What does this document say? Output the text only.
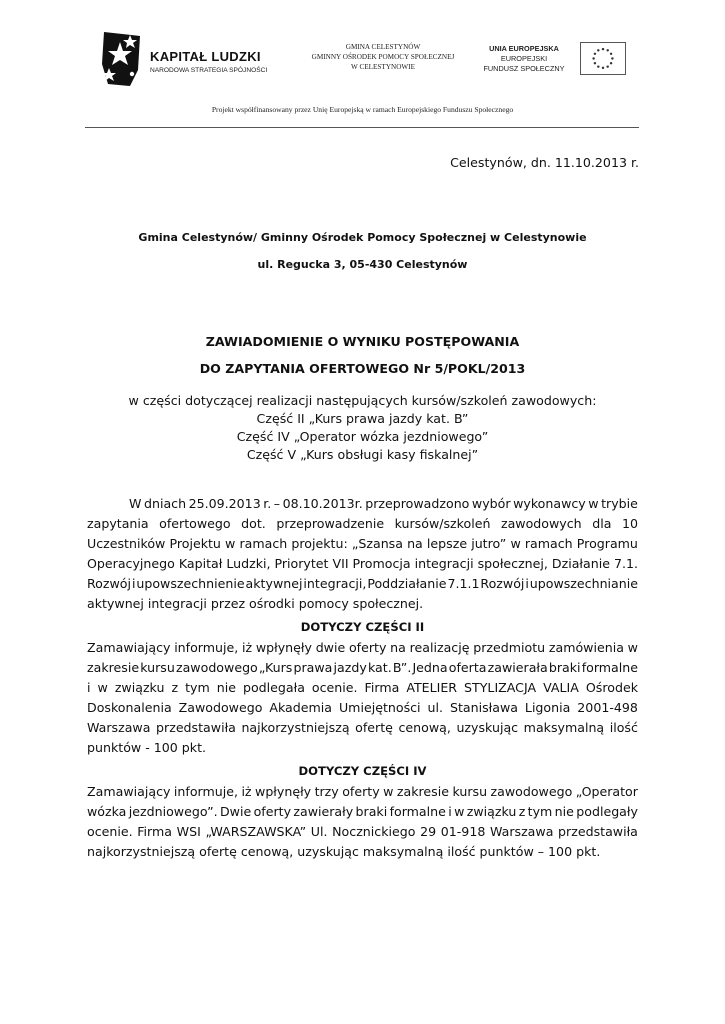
KAPITAŁ LUDZKI
NARODOWA STRATEGIA SPÓJNOŚCI
GMINA CELESTYNÓW
GMINNY OŚRODEK POMOCY SPOŁECZNEJ
W CELESTYNOWIE
UNIA EUROPEJSKA
EUROPEJSKI
FUNDUSZ SPOŁECZNY
Projekt współfinansowany przez Unię Europejską w ramach Europejskiego Funduszu Społecznego
Celestynów, dn. 11.10.2013 r.
Gmina Celestynów/ Gminny Ośrodek Pomocy Społecznej w Celestynowie
ul. Regucka 3, 05-430 Celestynów
ZAWIADOMIENIE O WYNIKU POSTĘPOWANIA
DO ZAPYTANIA OFERTOWEGO Nr 5/POKL/2013
w części dotyczącej realizacji następujących kursów/szkoleń zawodowych:
Część II „Kurs prawa jazdy kat. B”
Część IV „Operator wózka jezdniowego”
Część V „Kurs obsługi kasy fiskalnej”
W dniach 25.09.2013 r. – 08.10.2013r. przeprowadzono wybór wykonawcy w trybie
zapytania ofertowego dot. przeprowadzenie kursów/szkoleń zawodowych dla 10
Uczestników Projektu w ramach projektu: „Szansa na lepsze jutro” w ramach Programu
Operacyjnego Kapitał Ludzki, Priorytet VII Promocja integracji społecznej, Działanie 7.1.
Rozwój i upowszechnienie aktywnej integracji, Poddziałanie 7.1.1 Rozwój i upowszechnianie
aktywnej integracji przez ośrodki pomocy społecznej.
DOTYCZY CZĘŚCI II
Zamawiający informuje, iż wpłynęły dwie oferty na realizację przedmiotu zamówienia w
zakresie kursu zawodowego „Kurs prawa jazdy kat. B”. Jedna oferta zawierała braki formalne
i w związku z tym nie podlegała ocenie. Firma ATELIER STYLIZACJA VALIA Ośrodek
Doskonalenia Zawodowego Akademia Umiejętności ul. Stanisława Ligonia 2001-498
Warszawa przedstawiła najkorzystniejszą ofertę cenową, uzyskując maksymalną ilość
punktów - 100 pkt.
DOTYCZY CZĘŚCI IV
Zamawiający informuje, iż wpłynęły trzy oferty w zakresie kursu zawodowego „Operator
wózka jezdniowego”. Dwie oferty zawierały braki formalne i w związku z tym nie podlegały
ocenie. Firma WSI „WARSZAWSKA” Ul. Nocznickiego 29 01-918 Warszawa przedstawiła
najkorzystniejszą ofertę cenową, uzyskując maksymalną ilość punktów – 100 pkt.
